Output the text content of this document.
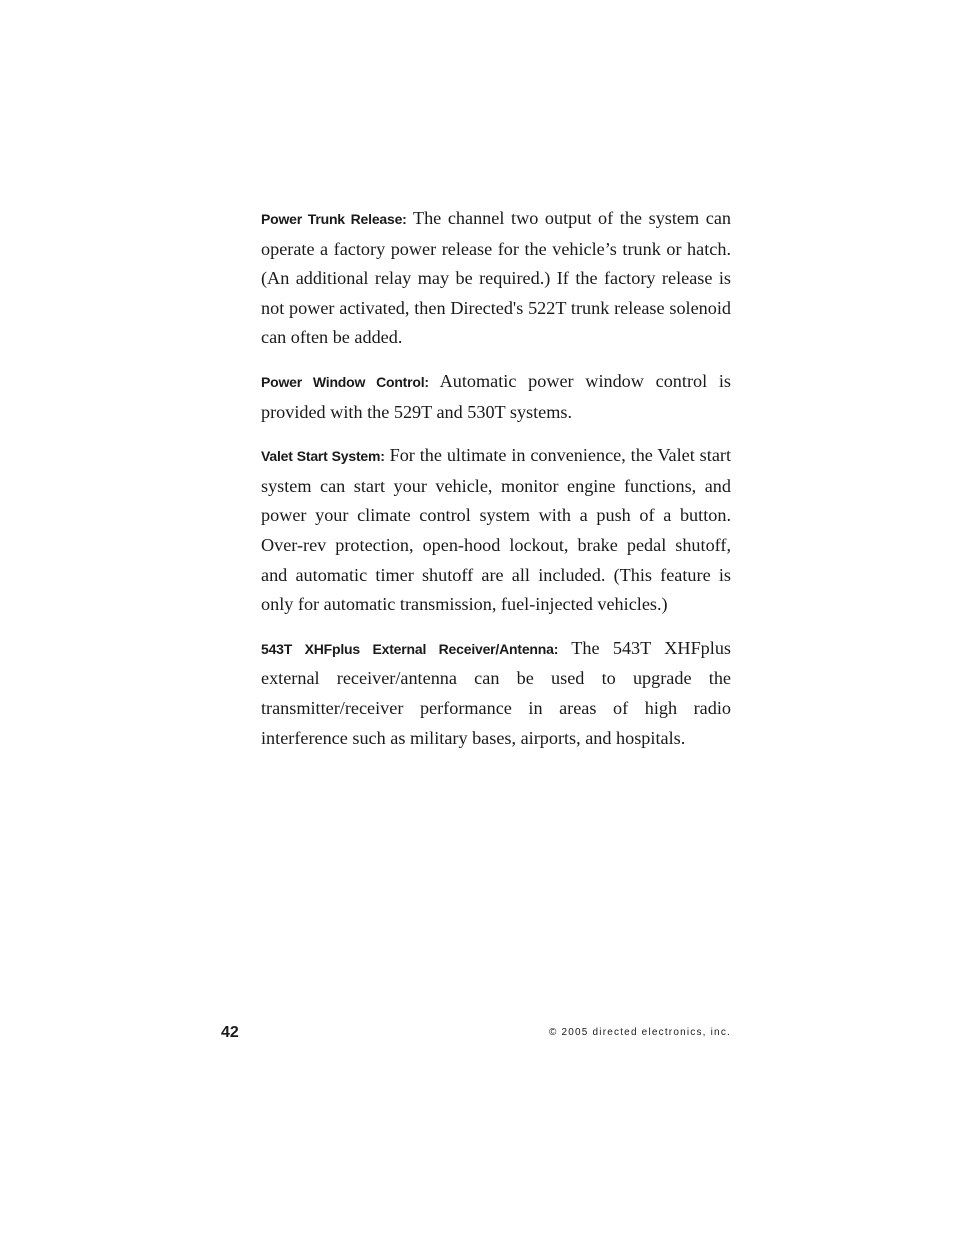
Power Trunk Release: The channel two output of the system can operate a factory power release for the vehicle’s trunk or hatch. (An additional relay may be required.) If the factory release is not power activated, then Directed's 522T trunk release solenoid can often be added.

Power Window Control: Automatic power window control is provided with the 529T and 530T systems.

Valet Start System: For the ultimate in convenience, the Valet start system can start your vehicle, monitor engine functions, and power your climate control system with a push of a button. Over-rev protection, open-hood lockout, brake pedal shutoff, and automatic timer shutoff are all included. (This feature is only for automatic transmission, fuel-injected vehicles.)

543T XHFplus External Receiver/Antenna: The 543T XHFplus external receiver/antenna can be used to upgrade the transmitter/receiver performance in areas of high radio interference such as military bases, airports, and hospitals.

42	© 2005 directed electronics, inc.
